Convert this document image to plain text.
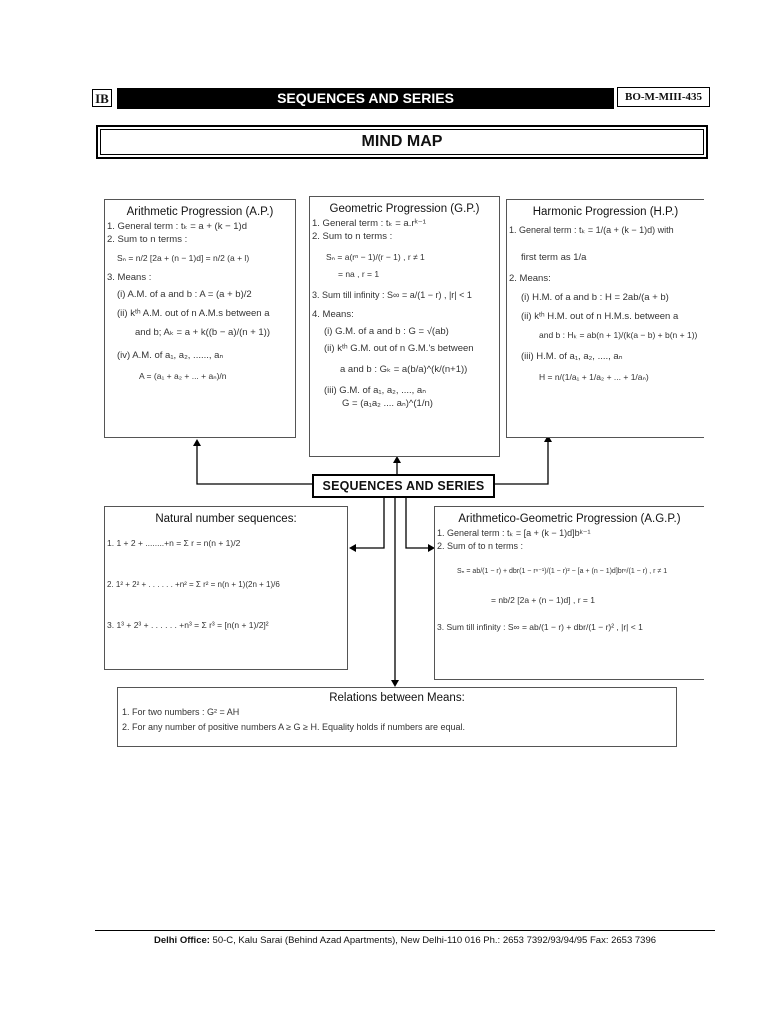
IB	SEQUENCES AND SERIES	BO-M-MIII-435
MIND MAP
Arithmetic Progression (A.P.)
1. General term : tₖ = a + (k − 1)d
2. Sum to n terms :
Sₙ = n/2 [2a + (n − 1)d] = n/2 (a + l)
3. Means :
(i) A.M. of a and b : A = (a + b)/2
(ii) kᵗʰ A.M. out of n A.M.s between a
and b; Aₖ = a + k((b − a)/(n + 1))
(iv) A.M. of a₁, a₂, ......, aₙ
A = (a₁ + a₂ + ... + aₙ)/n
Geometric Progression (G.P.)
1. General term : tₖ = a.rᵏ⁻¹
2. Sum to n terms :
Sₙ = a(rⁿ − 1)/(r − 1) , r ≠ 1
= na , r = 1
3. Sum till infinity : S∞ = a/(1 − r) , |r| < 1
4. Means:
(i) G.M. of a and b : G = √(ab)
(ii) kᵗʰ G.M. out of n G.M.'s between
a and b : Gₖ = a(b/a)^(k/(n+1))
(iii) G.M. of a₁, a₂, ...., aₙ
G = (a₁a₂ .... aₙ)^(1/n)
Harmonic Progression (H.P.)
1. General term : tₖ = 1/(a + (k − 1)d) with
first term as 1/a
2. Means:
(i) H.M. of a and b : H = 2ab/(a + b)
(ii) kᵗʰ H.M. out of n H.M.s. between a
and b : Hₖ = ab(n + 1)/(k(a − b) + b(n + 1))
(iii) H.M. of a₁, a₂, ...., aₙ
H = n/(1/a₁ + 1/a₂ + ... + 1/aₙ)
SEQUENCES AND SERIES
Natural number sequences:
1. 1 + 2 + ........+n = Σ r = n(n + 1)/2
2. 1² + 2² + . . . . . . +n² = Σ r² = n(n + 1)(2n + 1)/6
3. 1³ + 2³ + . . . . . . +n³ = Σ r³ = [n(n + 1)/2]²
Arithmetico-Geometric Progression (A.G.P.)
1. General term : tₖ = [a + (k − 1)d]bᵏ⁻¹
2. Sum of to n terms :
Sₙ = ab/(1 − r) + dbr(1 − rⁿ⁻¹)/(1 − r)² − [a + (n − 1)d]brⁿ/(1 − r) , r ≠ 1
= nb/2 [2a + (n − 1)d] , r = 1
3. Sum till infinity : S∞ = ab/(1 − r) + dbr/(1 − r)² , |r| < 1
Relations between Means:
1. For two numbers : G² = AH
2. For any number of positive numbers A ≥ G ≥ H. Equality holds if numbers are equal.
Delhi Office: 50-C, Kalu Sarai (Behind Azad Apartments), New Delhi-110 016 Ph.: 2653 7392/93/94/95 Fax: 2653 7396
